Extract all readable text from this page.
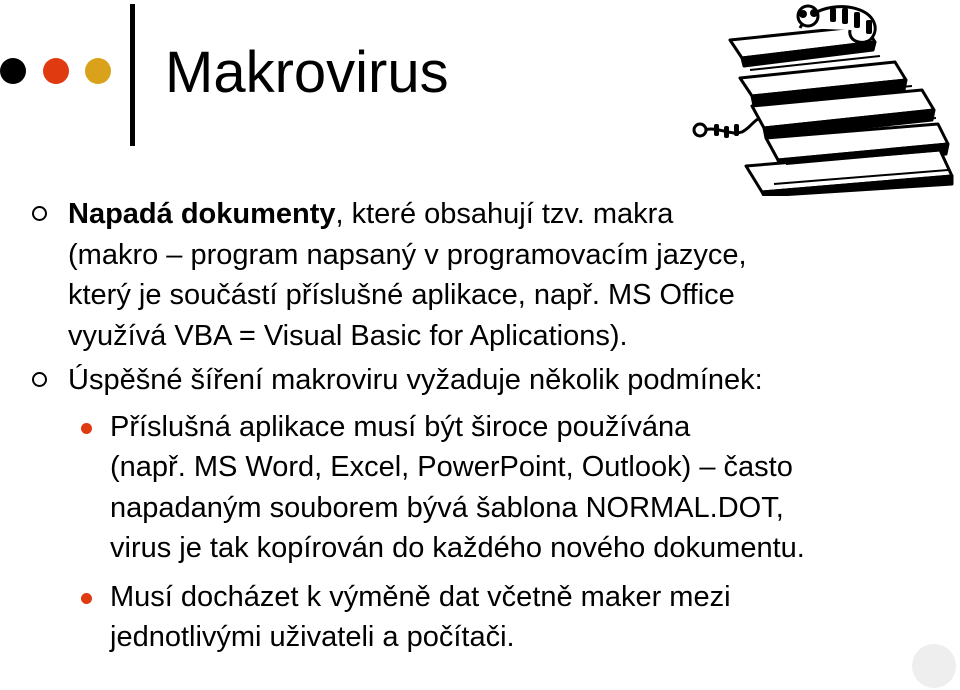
Makrovirus
Napadá dokumenty, které obsahují tzv. makra
(makro – program napsaný v programovacím jazyce,
který je součástí příslušné aplikace, např. MS Office
využívá VBA = Visual Basic for Aplications).
Úspěšné šíření makroviru vyžaduje několik podmínek:
Příslušná aplikace musí být široce používána
(např. MS Word, Excel, PowerPoint, Outlook) – často
napadaným souborem bývá šablona NORMAL.DOT,
virus je tak kopírován do každého nového dokumentu.
Musí docházet k výměně dat včetně maker mezi
jednotlivými uživateli a počítači.
